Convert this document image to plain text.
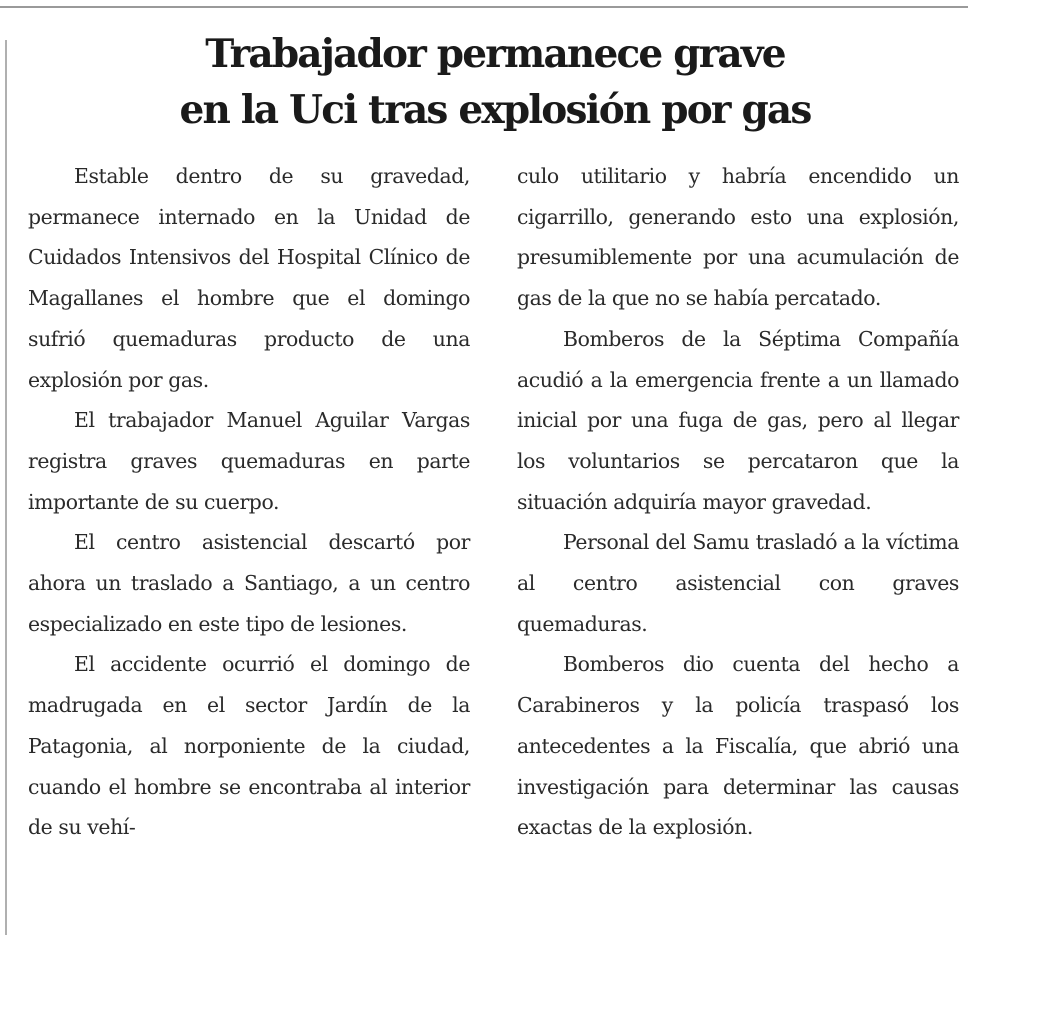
Trabajador permanece grave
en la Uci tras explosión por gas

Estable dentro de su gravedad, permanece internado en la Unidad de Cuidados Intensivos del Hospital Clínico de Magallanes el hombre que el domingo sufrió quemaduras producto de una explosión por gas.

El trabajador Manuel Aguilar Vargas registra graves quemaduras en parte importante de su cuerpo.

El centro asistencial descartó por ahora un traslado a Santiago, a un centro especializado en este tipo de lesiones.

El accidente ocurrió el domingo de madrugada en el sector Jardín de la Patagonia, al norponiente de la ciudad, cuando el hombre se encontraba al interior de su vehí-

culo utilitario y habría encendido un cigarrillo, generando esto una explosión, presumiblemente por una acumulación de gas de la que no se había percatado.

Bomberos de la Séptima Compañía acudió a la emergencia frente a un llamado inicial por una fuga de gas, pero al llegar los voluntarios se percataron que la situación adquiría mayor gravedad.

Personal del Samu trasladó a la víctima al centro asistencial con graves quemaduras.

Bomberos dio cuenta del hecho a Carabineros y la policía traspasó los antecedentes a la Fiscalía, que abrió una investigación para determinar las causas exactas de la explosión.
